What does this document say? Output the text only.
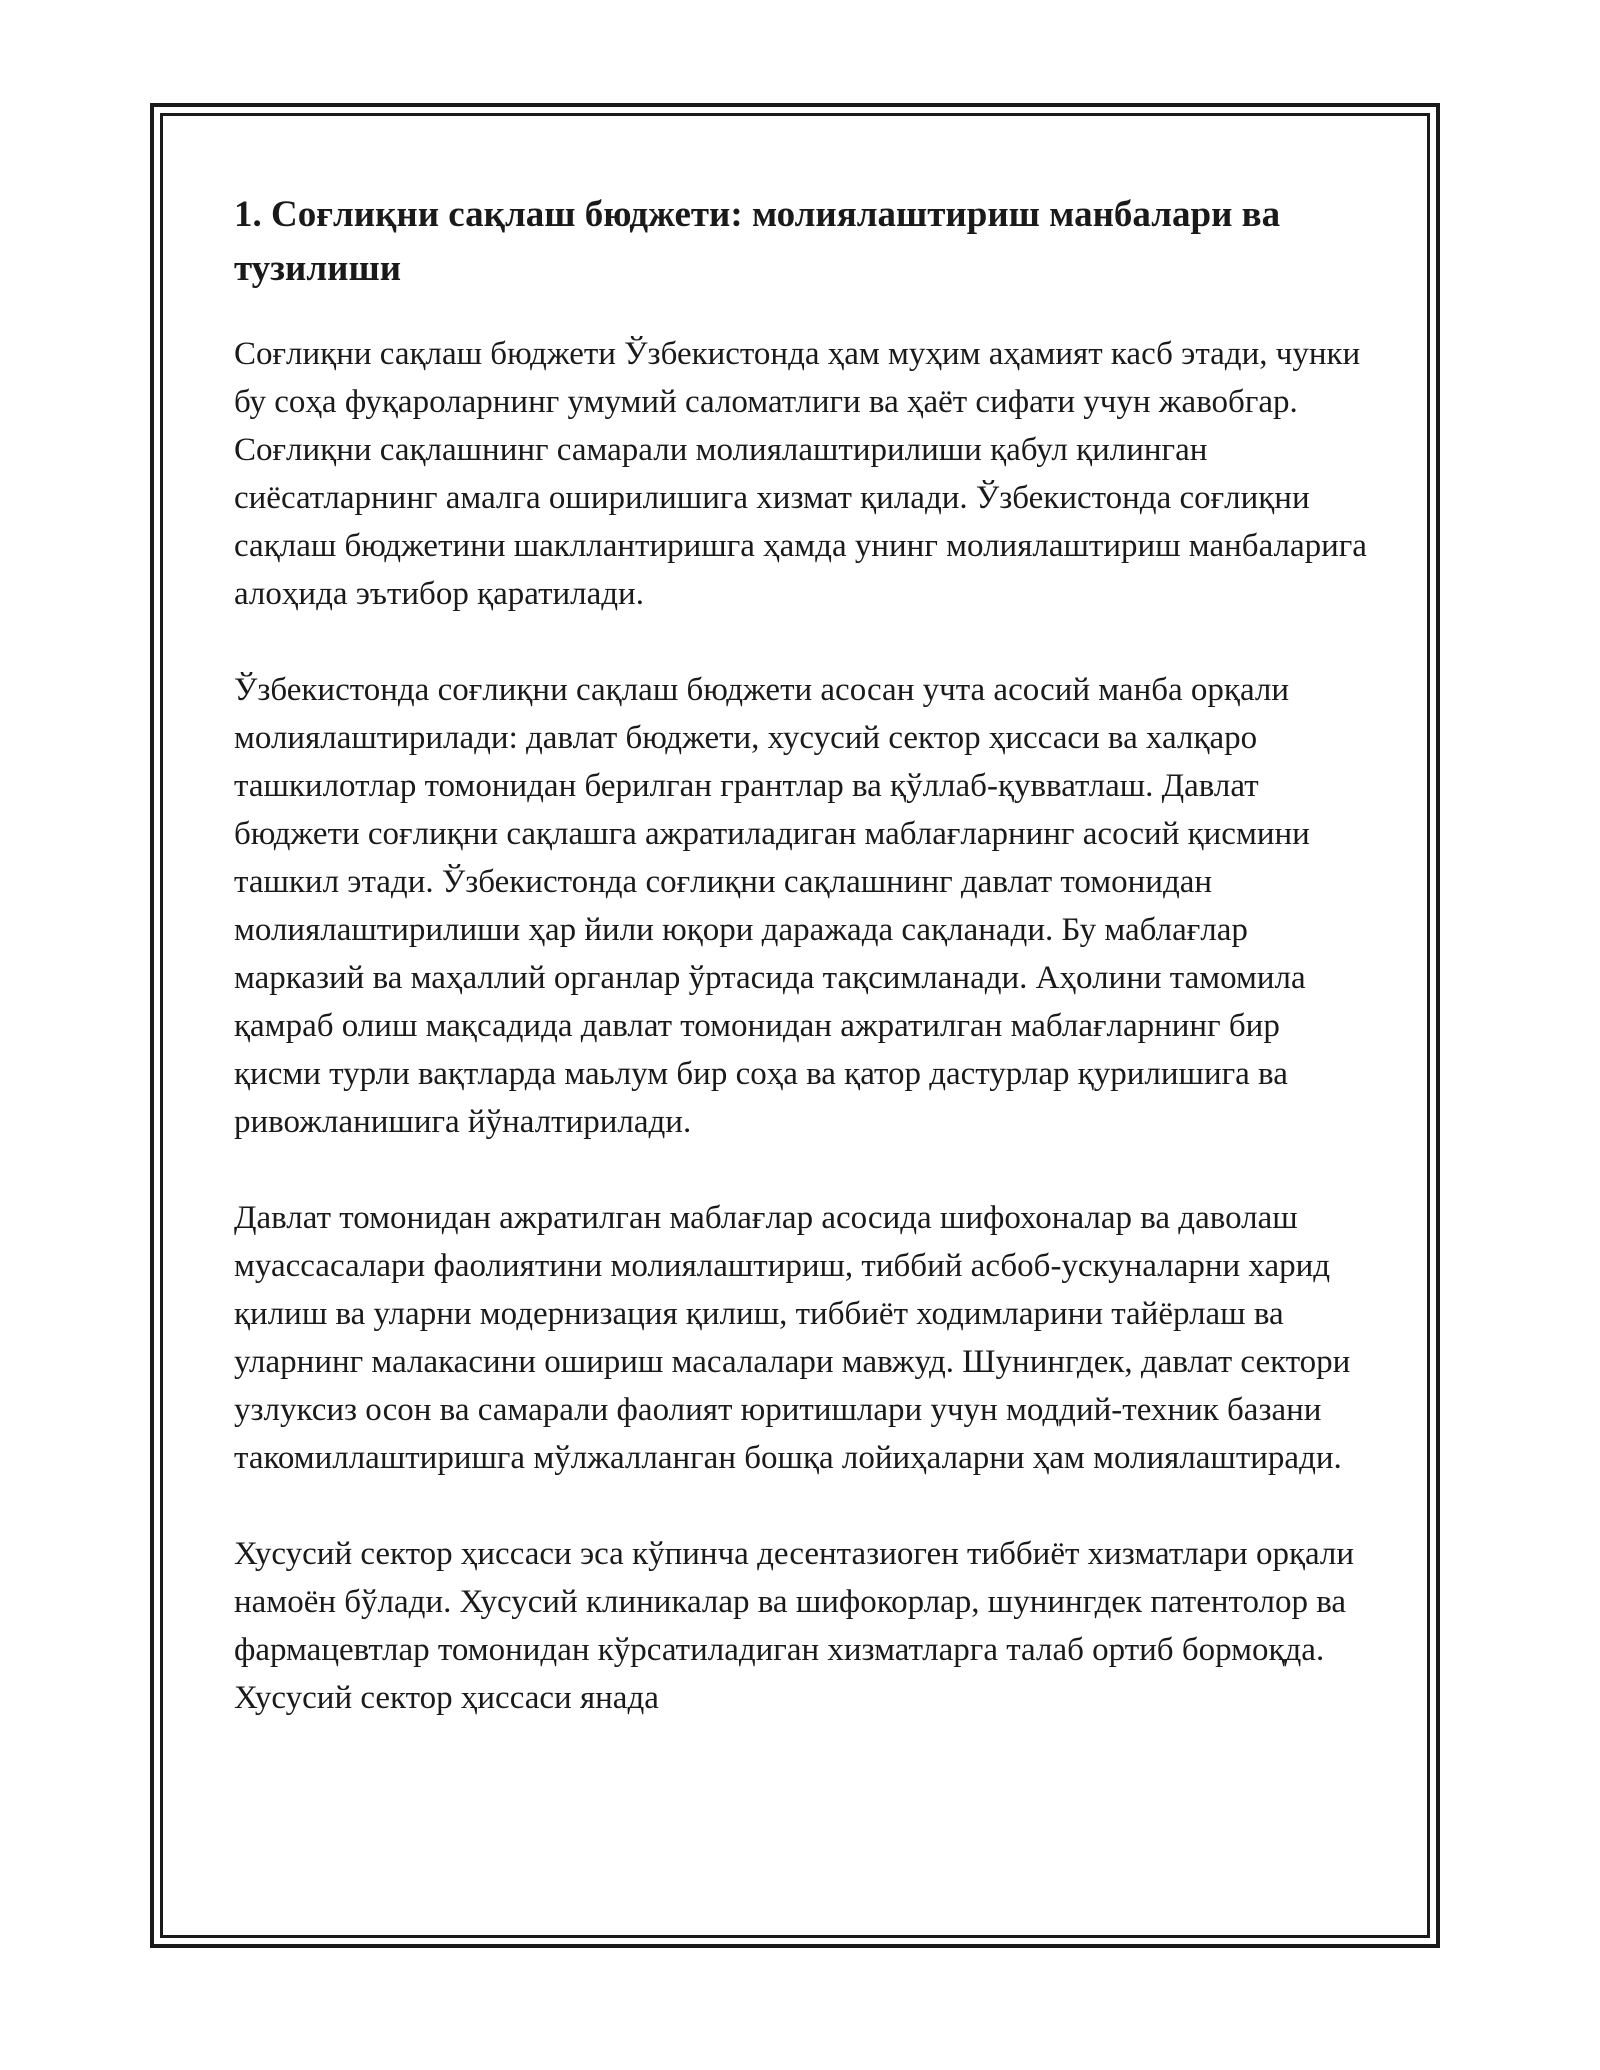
1. Соғлиқни сақлаш бюджети: молиялаштириш манбалари ва тузилиши

Соғлиқни сақлаш бюджети Ўзбекистонда ҳам муҳим аҳамият касб этади, чунки бу соҳа фуқароларнинг умумий саломатлиги ва ҳаёт сифати учун жавобгар. Соғлиқни сақлашнинг самарали молиялаштирилиши қабул қилинган сиёсатларнинг амалга оширилишига хизмат қилади. Ўзбекистонда соғлиқни сақлаш бюджетини шакллантиришга ҳамда унинг молиялаштириш манбаларига алоҳида эътибор қаратилади.

Ўзбекистонда соғлиқни сақлаш бюджети асосан учта асосий манба орқали молиялаштирилади: давлат бюджети, хусусий сектор ҳиссаси ва халқаро ташкилотлар томонидан берилган грантлар ва қўллаб-қувватлаш. Давлат бюджети соғлиқни сақлашга ажратиладиган маблағларнинг асосий қисмини ташкил этади. Ўзбекистонда соғлиқни сақлашнинг давлат томонидан молиялаштирилиши ҳар йили юқори даражада сақланади. Бу маблағлар марказий ва маҳаллий органлар ўртасида тақсимланади. Аҳолини тамомила қамраб олиш мақсадида давлат томонидан ажратилган маблағларнинг бир қисми турли вақтларда маьлум бир соҳа ва қатор дастурлар қурилишига ва ривожланишига йўналтирилади.

Давлат томонидан ажратилган маблағлар асосида шифохоналар ва даволаш муассасалари фаолиятини молиялаштириш, тиббий асбоб-ускуналарни харид қилиш ва уларни модернизация қилиш, тиббиёт ходимларини тайёрлаш ва уларнинг малакасини ошириш масалалари мавжуд. Шунингдек, давлат сектори узлуксиз осон ва самарали фаолият юритишлари учун моддий-техник базани такомиллаштиришга мўлжалланган бошқа лойиҳаларни ҳам молиялаштиради.

Хусусий сектор ҳиссаси эса кўпинча десентазиоген тиббиёт хизматлари орқали намоён бўлади. Хусусий клиникалар ва шифокорлар, шунингдек патентолор ва фармацевтлар томонидан кўрсатиладиган хизматларга талаб ортиб бормоқда. Хусусий сектор ҳиссаси янада
